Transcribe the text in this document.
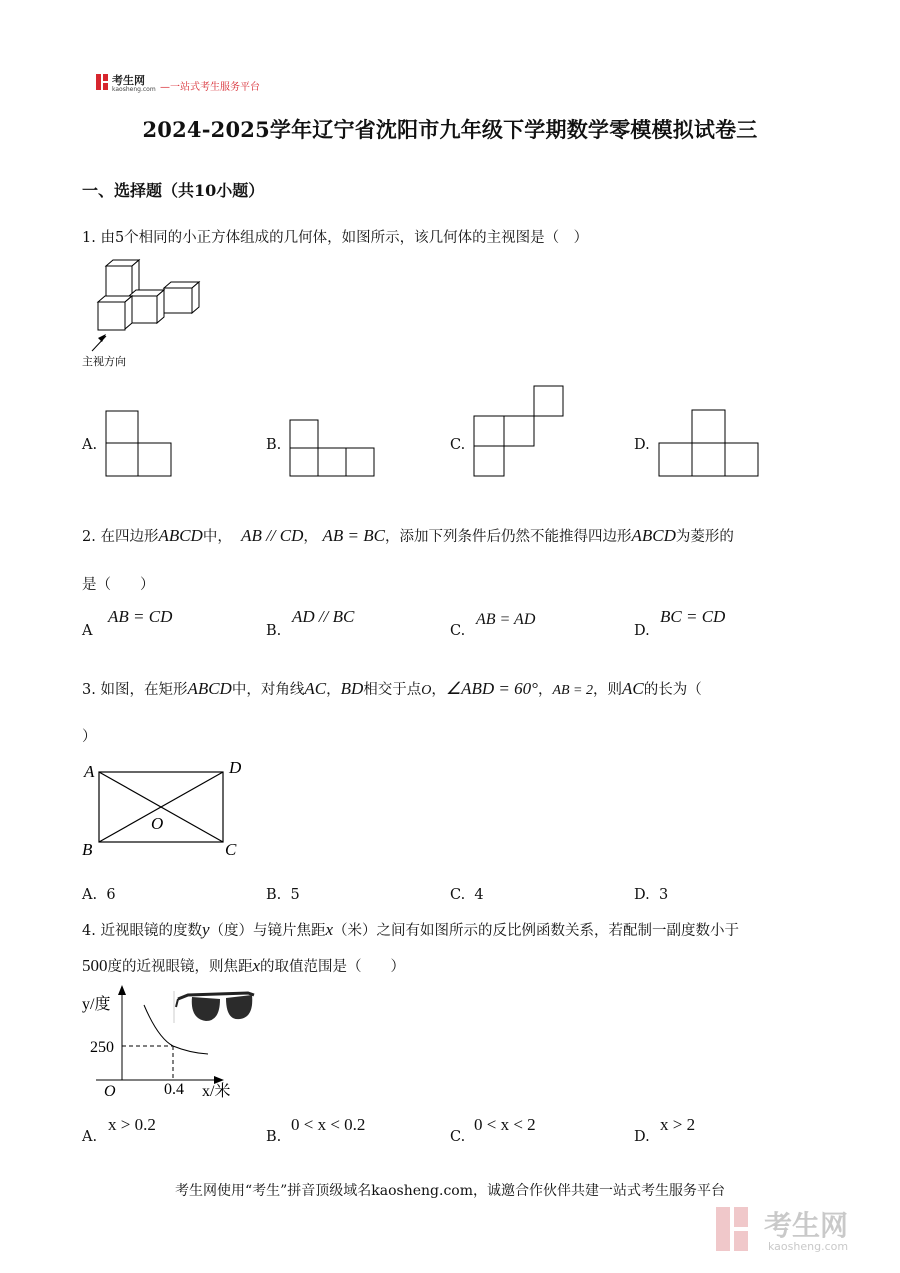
考生网
kaosheng.com —一站式考生服务平台
2024-2025学年辽宁省沈阳市九年级下学期数学零模模拟试卷三
一、选择题（共10小题）
1. 由5个相同的小正方体组成的几何体，如图所示，该几何体的主视图是（　）
主视方向
A.	B.	C.	D.
2. 在四边形ABCD中， AB // CD， AB = BC，添加下列条件后仍然不能推得四边形ABCD为菱形的
是（　　）
A
AB = CD
B.
AD // BC
C.
AB = AD
D.
BC = CD
3. 如图，在矩形ABCD中，对角线AC，BD相交于点O，∠ABD = 60°，AB = 2，则AC的长为（
）
A	D
B	C
O
A. 6	B. 5	C. 4	D. 3
4. 近视眼镜的度数y（度）与镜片焦距x（米）之间有如图所示的反比例函数关系，若配制一副度数小于
500度的近视眼镜，则焦距x的取值范围是（　　）
y/度
250
O	0.4 x/米
A.
x > 0.2
B.
0 < x < 0.2
C.
0 < x < 2
D.
x > 2
考生网使用“考生”拼音顶级域名kaosheng.com，诚邀合作伙伴共建一站式考生服务平台
考生网
kaosheng.com
